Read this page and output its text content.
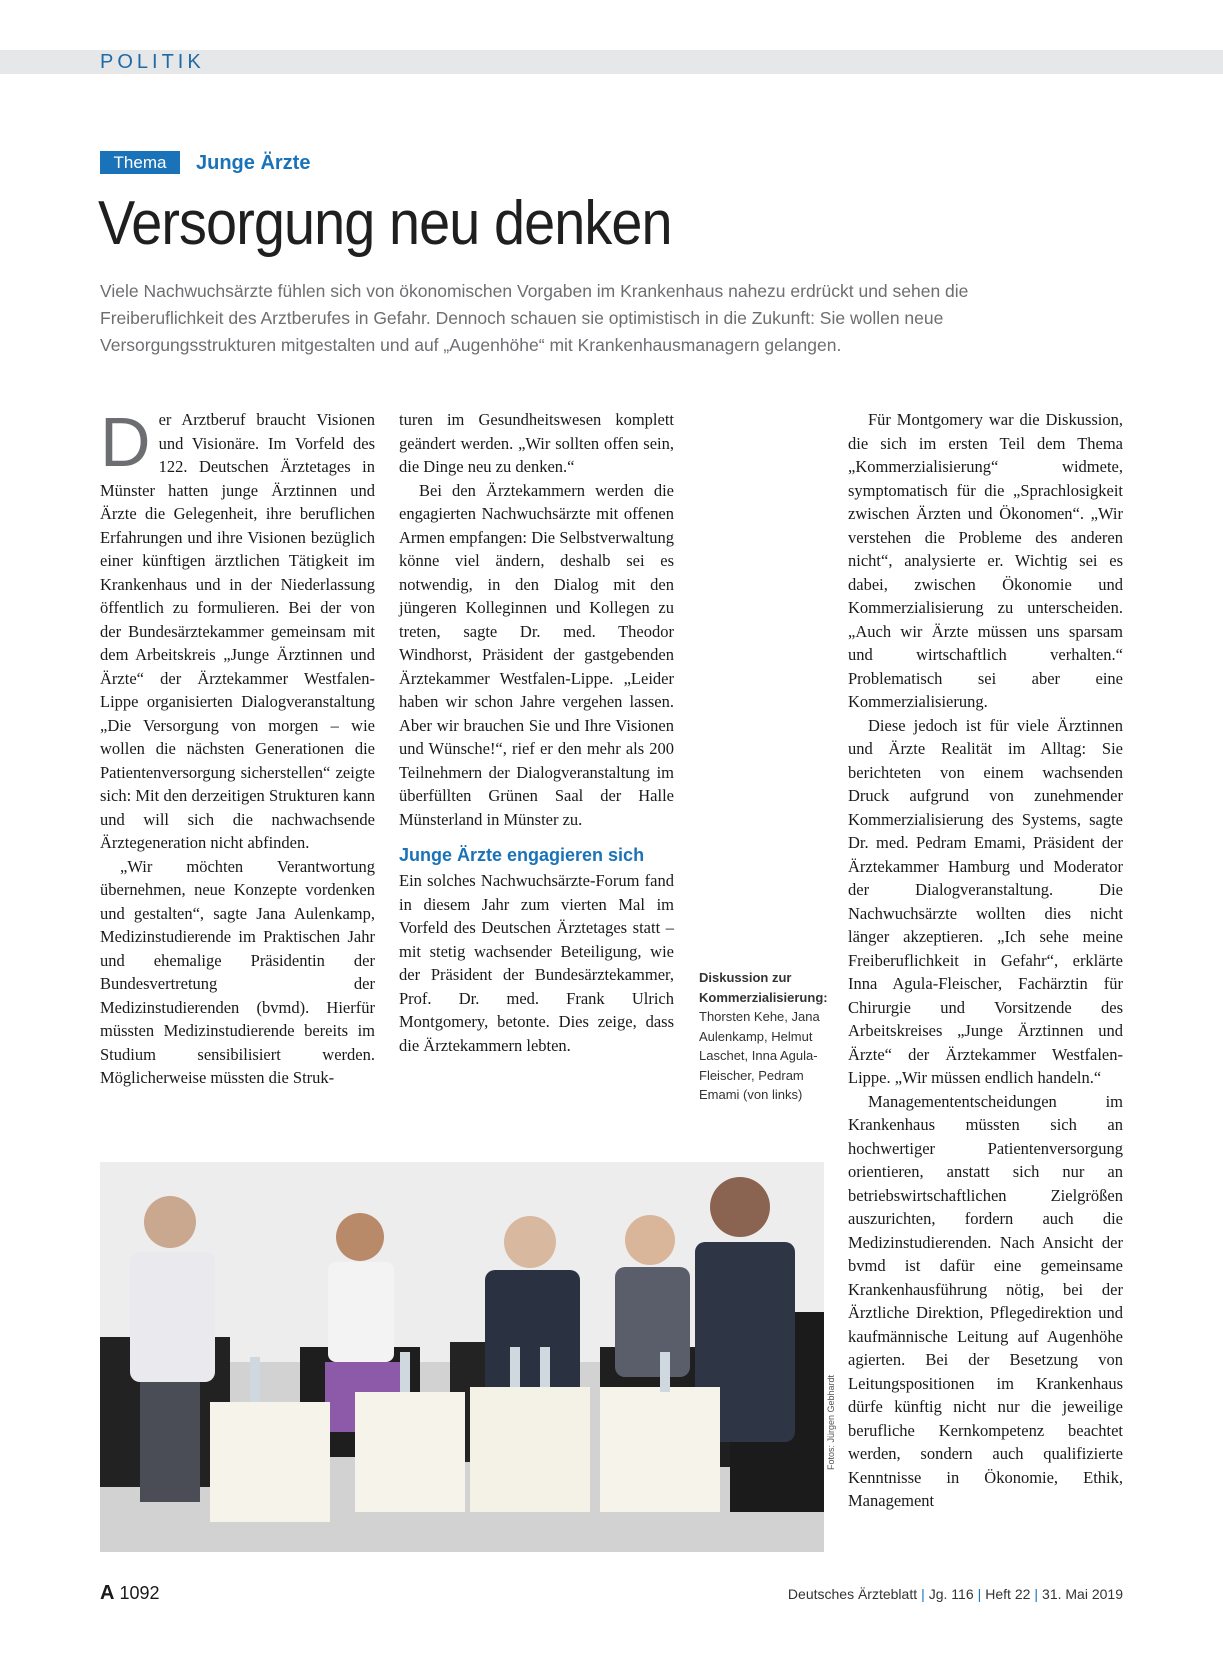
POLITIK
Thema	Junge Ärzte
Versorgung neu denken
Viele Nachwuchsärzte fühlen sich von ökonomischen Vorgaben im Krankenhaus nahezu erdrückt und sehen die Freiberuflichkeit des Arztberufes in Gefahr. Dennoch schauen sie optimistisch in die Zukunft: Sie wollen neue Versorgungsstrukturen mitgestalten und auf „Augenhöhe“ mit Krankenhausmanagern gelangen.
D er Arztberuf braucht Visionen und Visionäre. Im Vorfeld des 122. Deutschen Ärztetages in Münster hatten junge Ärztinnen und Ärzte die Gelegenheit, ihre beruflichen Erfahrungen und ihre Visionen bezüglich einer künftigen ärztlichen Tätigkeit im Krankenhaus und in der Niederlassung öffentlich zu formulieren. Bei der von der Bundesärztekammer gemeinsam mit dem Arbeitskreis „Junge Ärztinnen und Ärzte“ der Ärztekammer Westfalen-Lippe organisierten Dialogveranstaltung „Die Versorgung von morgen – wie wollen die nächsten Generationen die Patientenversorgung sicherstellen“ zeigte sich: Mit den derzeitigen Strukturen kann und will sich die nachwachsende Ärztegeneration nicht abfinden.

„Wir möchten Verantwortung übernehmen, neue Konzepte vordenken und gestalten“, sagte Jana Aulenkamp, Medizinstudierende im Praktischen Jahr und ehemalige Präsidentin der Bundesvertretung der Medizinstudierenden (bvmd). Hierfür müssten Medizinstudierende bereits im Studium sensibilisiert werden. Möglicherweise müssten die Struk-

turen im Gesundheitswesen komplett geändert werden. „Wir sollten offen sein, die Dinge neu zu denken.“

Bei den Ärztekammern werden die engagierten Nachwuchsärzte mit offenen Armen empfangen: Die Selbstverwaltung könne viel ändern, deshalb sei es notwendig, in den Dialog mit den jüngeren Kolleginnen und Kollegen zu treten, sagte Dr. med. Theodor Windhorst, Präsident der gastgebenden Ärztekammer Westfalen-Lippe. „Leider haben wir schon Jahre vergehen lassen. Aber wir brauchen Sie und Ihre Visionen und Wünsche!“, rief er den mehr als 200 Teilnehmern der Dialogveranstaltung im überfüllten Grünen Saal der Halle Münsterland in Münster zu.

Junge Ärzte engagieren sich

Ein solches Nachwuchsärzte-Forum fand in diesem Jahr zum vierten Mal im Vorfeld des Deutschen Ärztetages statt – mit stetig wachsender Beteiligung, wie der Präsident der Bundesärztekammer, Prof. Dr. med. Frank Ulrich Montgomery, betonte. Dies zeige, dass die Ärztekammern lebten.

Für Montgomery war die Diskussion, die sich im ersten Teil dem Thema „Kommerzialisierung“ widmete, symptomatisch für die „Sprachlosigkeit zwischen Ärzten und Ökonomen“. „Wir verstehen die Probleme des anderen nicht“, analysierte er. Wichtig sei es dabei, zwischen Ökonomie und Kommerzialisierung zu unterscheiden. „Auch wir Ärzte müssen uns sparsam und wirtschaftlich verhalten.“ Problematisch sei aber eine Kommerzialisierung.

Diese jedoch ist für viele Ärztinnen und Ärzte Realität im Alltag: Sie berichteten von einem wachsenden Druck aufgrund von zunehmender Kommerzialisierung des Systems, sagte Dr. med. Pedram Emami, Präsident der Ärztekammer Hamburg und Moderator der Dialogveranstaltung. Die Nachwuchsärzte wollten dies nicht länger akzeptieren. „Ich sehe meine Freiberuflichkeit in Gefahr“, erklärte Inna Agula-Fleischer, Fachärztin für Chirurgie und Vorsitzende des Arbeitskreises „Junge Ärztinnen und Ärzte“ der Ärztekammer Westfalen-Lippe. „Wir müssen endlich handeln.“

Managemententscheidungen im Krankenhaus müssten sich an hochwertiger Patientenversorgung orientieren, anstatt sich nur an betriebswirtschaftlichen Zielgrößen auszurichten, fordern auch die Medizinstudierenden. Nach Ansicht der bvmd ist dafür eine gemeinsame Krankenhausführung nötig, bei der Ärztliche Direktion, Pflegedirektion und kaufmännische Leitung auf Augenhöhe agierten. Bei der Besetzung von Leitungspositionen im Krankenhaus dürfe künftig nicht nur die jeweilige berufliche Kernkompetenz beachtet werden, sondern auch qualifizierte Kenntnisse in Ökonomie, Ethik, Management

Diskussion zur Kommerzialisierung: Thorsten Kehe, Jana Aulenkamp, Helmut Laschet, Inna Agula-Fleischer, Pedram Emami (von links)
Fotos: Jürgen Gebhardt
A 1092	Deutsches Ärzteblatt | Jg. 116 | Heft 22 | 31. Mai 2019
